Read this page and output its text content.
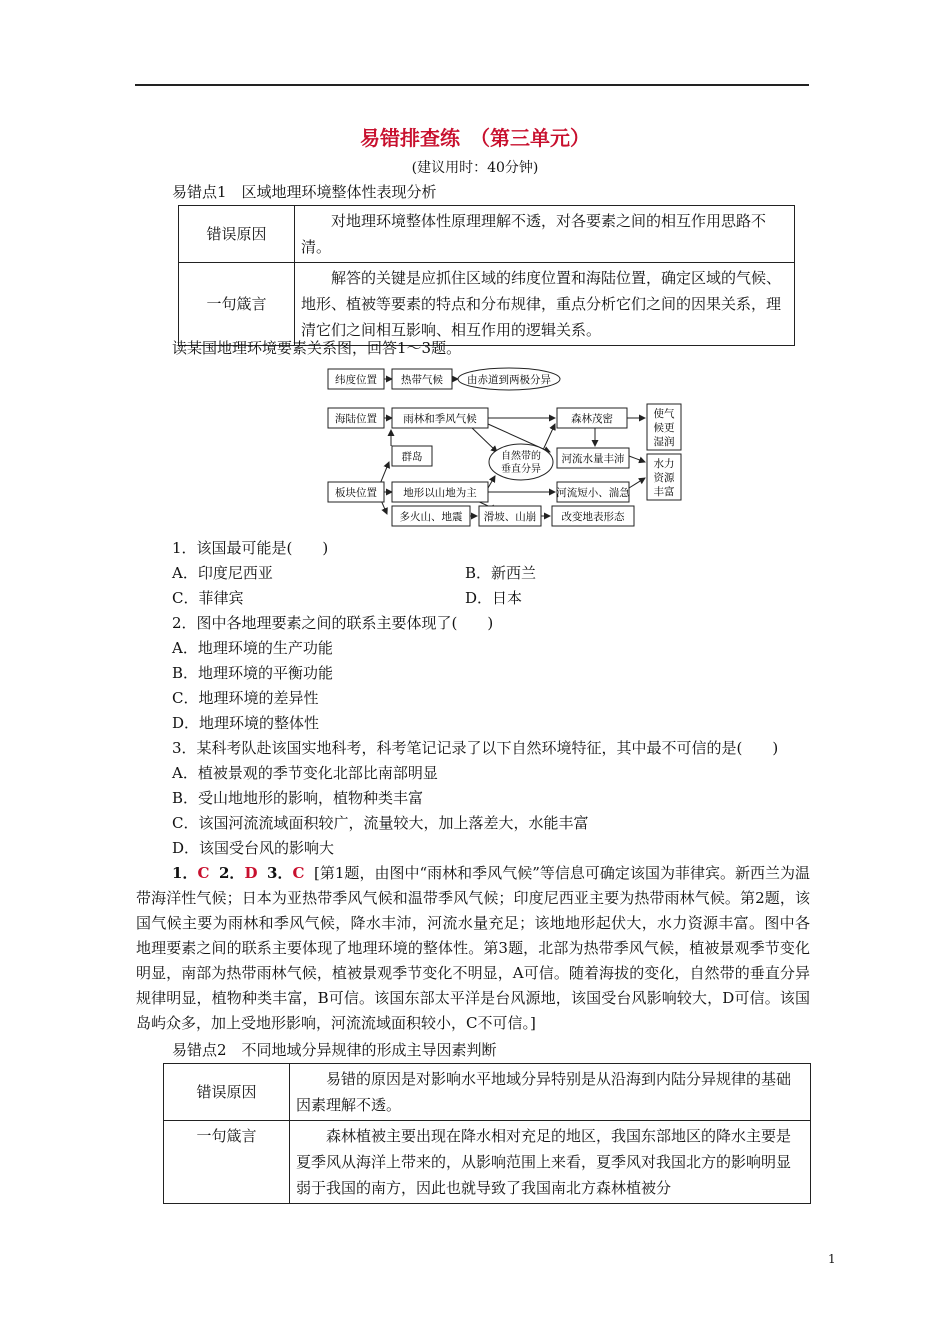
易错排查练　（第三单元）
(建议用时：40分钟)
易错点1　区域地理环境整体性表现分析
错误原因	对地理环境整体性原理理解不透，对各要素之间的相互作用思路不清。
一句箴言	解答的关键是应抓住区域的纬度位置和海陆位置，确定区域的气候、地形、植被等要素的特点和分布规律，重点分析它们之间的因果关系，理清它们之间相互影响、相互作用的逻辑关系。
读某国地理环境要素关系图，回答1～3题。
纬度位置 热带气候 由赤道到两极分异
海陆位置	雨林和季风气候	森林茂密	使气
候更
湿润
群岛	自然带的
垂直分异
河流水量丰沛	水力
资源
丰富
板块位置	地形以山地为主	河流短小、湍急
多火山、地震 滑坡、山崩 改变地表形态
1．该国最可能是(　　)
A．印度尼西亚	B．新西兰
C．菲律宾	D．日本
2．图中各地理要素之间的联系主要体现了(　　)
A．地理环境的生产功能
B．地理环境的平衡功能
C．地理环境的差异性
D．地理环境的整体性
3．某科考队赴该国实地科考，科考笔记记录了以下自然环境特征，其中最不可信的是(　　)
A．植被景观的季节变化北部比南部明显
B．受山地地形的影响，植物种类丰富
C．该国河流流域面积较广，流量较大，加上落差大，水能丰富
D．该国受台风的影响大
1．C 2．D 3．C [第1题，由图中“雨林和季风气候”等信息可确定该国为菲律宾。新西兰为温带海洋性气候；日本为亚热带季风气候和温带季风气候；印度尼西亚主要为热带雨林气候。第2题，该国气候主要为雨林和季风气候，降水丰沛，河流水量充足；该地地形起伏大，水力资源丰富。图中各地理要素之间的联系主要体现了地理环境的整体性。第3题，北部为热带季风气候，植被景观季节变化明显，南部为热带雨林气候，植被景观季节变化不明显，A可信。随着海拔的变化，自然带的垂直分异规律明显，植物种类丰富，B可信。该国东部太平洋是台风源地，该国受台风影响较大，D可信。该国岛屿众多，加上受地形影响，河流流域面积较小，C不可信。]
易错点2　不同地域分异规律的形成主导因素判断
错误原因	易错的原因是对影响水平地域分异特别是从沿海到内陆分异规律的基础因素理解不透。
一句箴言	森林植被主要出现在降水相对充足的地区，我国东部地区的降水主要是夏季风从海洋上带来的，从影响范围上来看，夏季风对我国北方的影响明显弱于我国的南方，因此也就导致了我国南北方森林植被分
1
